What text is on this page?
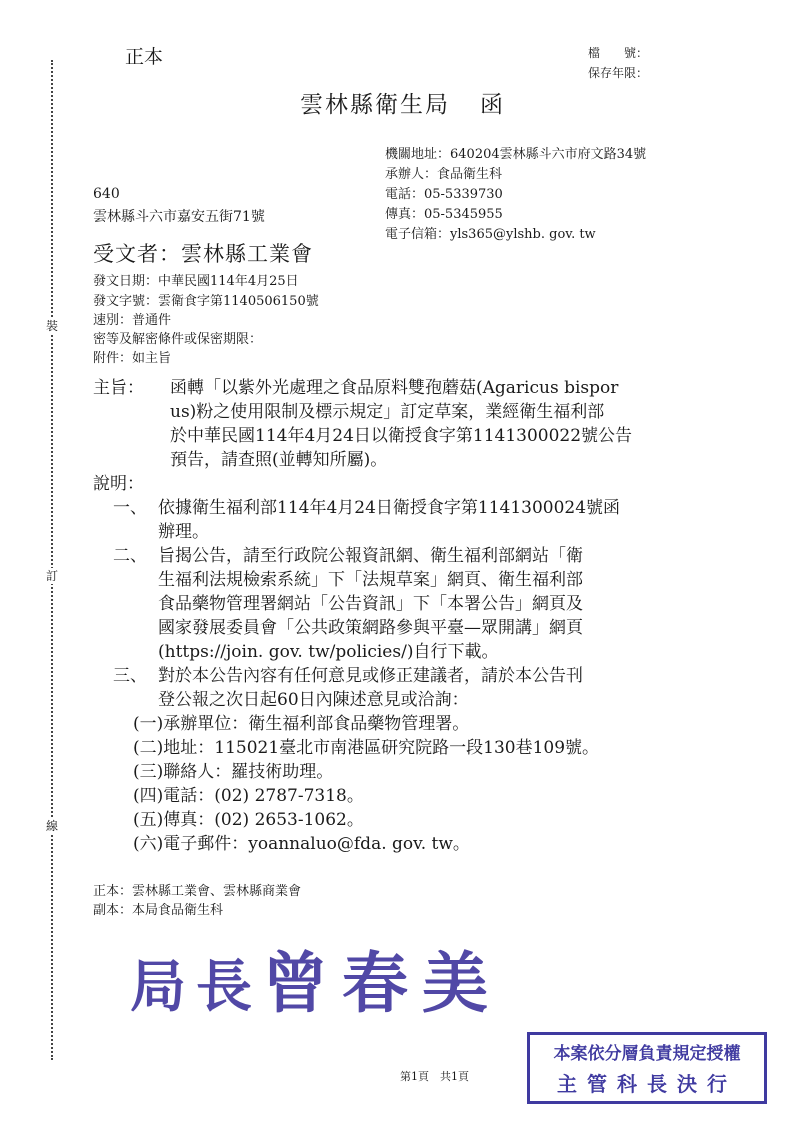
裝
訂
線
正本	檔　　號：
保存年限：
雲林縣衛生局 函
機關地址：640204雲林縣斗六市府文路34號
承辦人：食品衛生科
電話：05-5339730
傳真：05-5345955
電子信箱：yls365@ylshb. gov. tw
640
雲林縣斗六市嘉安五街71號
受文者：雲林縣工業會
發文日期：中華民國114年4月25日
發文字號：雲衛食字第1140506150號
速別：普通件
密等及解密條件或保密期限：
附件：如主旨
主旨： 函轉「以紫外光處理之食品原料雙孢蘑菇(Agaricus bispor
us)粉之使用限制及標示規定」訂定草案，業經衛生福利部
於中華民國114年4月24日以衛授食字第1141300022號公告
預告，請查照(並轉知所屬)。
說明：
一、 依據衛生福利部114年4月24日衛授食字第1141300024號函
辦理。
二、 旨揭公告，請至行政院公報資訊網、衛生福利部網站「衛
生福利法規檢索系統」下「法規草案」網頁、衛生福利部
食品藥物管理署網站「公告資訊」下「本署公告」網頁及
國家發展委員會「公共政策網路參與平臺—眾開講」網頁
(https://join. gov. tw/policies/)自行下載。
三、 對於本公告內容有任何意見或修正建議者，請於本公告刊
登公報之次日起60日內陳述意見或洽詢：
(一)承辦單位：衛生福利部食品藥物管理署。
(二)地址：115021臺北市南港區研究院路一段130巷109號。
(三)聯絡人：羅技術助理。
(四)電話：(02) 2787-7318。
(五)傳真：(02) 2653-1062。
(六)電子郵件：yoannaluo@fda. gov. tw。
正本：雲林縣工業會、雲林縣商業會
副本：本局食品衛生科
局長曾春美
本案依分層負責規定授權
主管科長決行
第1頁　共1頁
